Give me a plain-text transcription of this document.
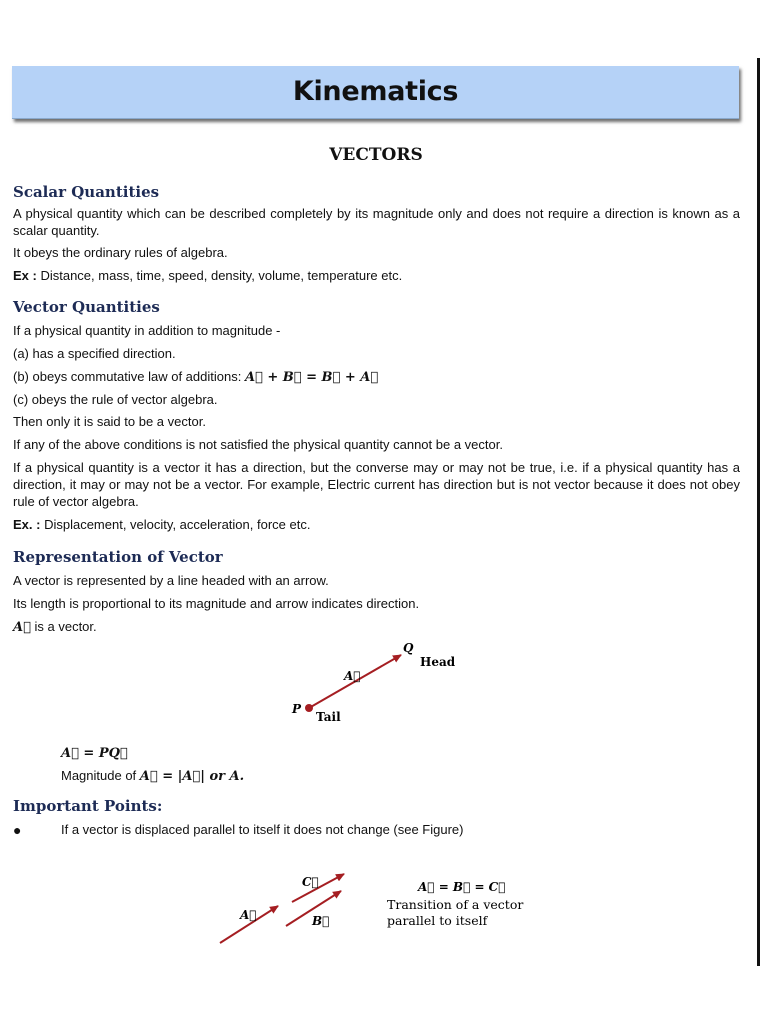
Kinematics
VECTORS
Scalar Quantities
A physical quantity which can be described completely by its magnitude only and does not require a direction is known as a scalar quantity.
It obeys the ordinary rules of algebra.
Ex : Distance, mass, time, speed, density, volume, temperature etc.
Vector Quantities
If a physical quantity in addition to magnitude -
(a) has a specified direction.
(b) obeys commutative law of additions: A⃗ + B⃗ = B⃗ + A⃗
(c) obeys the rule of vector algebra.
Then only it is said to be a vector.
If any of the above conditions is not satisfied the physical quantity cannot be a vector.
If a physical quantity is a vector it has a direction, but the converse may or may not be true, i.e. if a physical quantity has a direction, it may or may not be a vector. For example, Electric current has direction but is not vector because it does not obey rule of vector algebra.
Ex. : Displacement, velocity, acceleration, force etc.
Representation of Vector
A vector is represented by a line headed with an arrow.
Its length is proportional to its magnitude and arrow indicates direction.
A⃗ is a vector.
Q
Head
A⃗
P
Tail
A⃗ = PQ⃗
Magnitude of A⃗ = |A⃗| or A.
Important Points:
●	If a vector is displaced parallel to itself it does not change (see Figure)
C⃗
A⃗	B⃗
A⃗ = B⃗ = C⃗
Transition of a vector
parallel to itself
